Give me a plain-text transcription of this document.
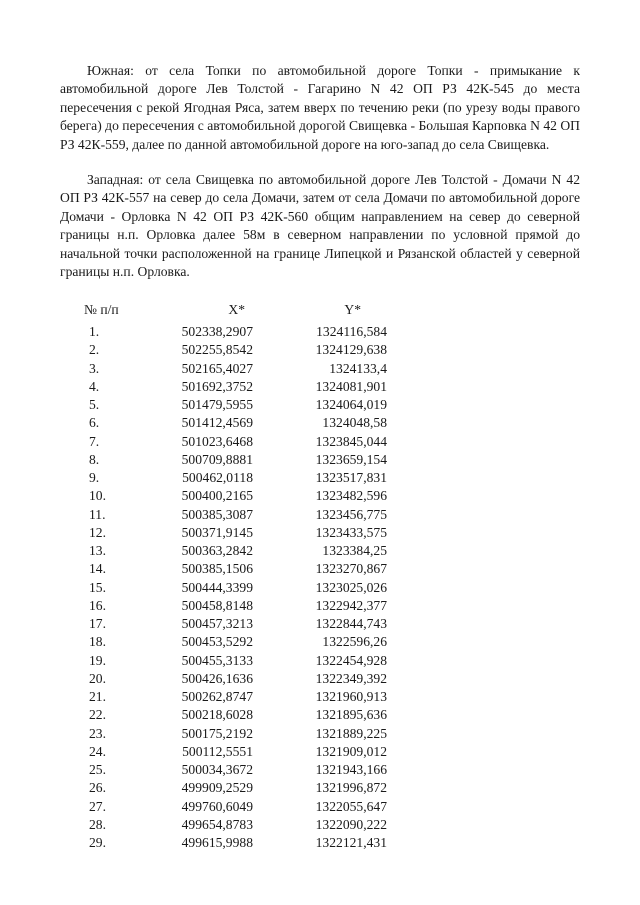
Южная: от села Топки по автомобильной дороге Топки - примыкание к автомобильной дороге Лев Толстой - Гагарино N 42 ОП РЗ 42К-545 до места пересечения с рекой Ягодная Ряса, затем вверх по течению реки (по урезу воды правого берега) до пересечения с автомобильной дорогой Свищевка - Большая Карповка N 42 ОП РЗ 42К-559, далее по данной автомобильной дороге на юго-запад до села Свищевка.

Западная: от села Свищевка по автомобильной дороге Лев Толстой - Домачи N 42 ОП РЗ 42К-557 на север до села Домачи, затем от села Домачи по автомобильной дороге Домачи - Орловка N 42 ОП РЗ 42К-560 общим направлением на север до северной границы н.п. Орловка далее 58м в северном направлении по условной прямой до начальной точки расположенной на границе Липецкой и Рязанской областей у северной границы н.п. Орловка.

№ п/п	X*	Y*
1.	502338,2907	1324116,584
2.	502255,8542	1324129,638
3.	502165,4027	1324133,4
4.	501692,3752	1324081,901
5.	501479,5955	1324064,019
6.	501412,4569	1324048,58
7.	501023,6468	1323845,044
8.	500709,8881	1323659,154
9.	500462,0118	1323517,831
10.	500400,2165	1323482,596
11.	500385,3087	1323456,775
12.	500371,9145	1323433,575
13.	500363,2842	1323384,25
14.	500385,1506	1323270,867
15.	500444,3399	1323025,026
16.	500458,8148	1322942,377
17.	500457,3213	1322844,743
18.	500453,5292	1322596,26
19.	500455,3133	1322454,928
20.	500426,1636	1322349,392
21.	500262,8747	1321960,913
22.	500218,6028	1321895,636
23.	500175,2192	1321889,225
24.	500112,5551	1321909,012
25.	500034,3672	1321943,166
26.	499909,2529	1321996,872
27.	499760,6049	1322055,647
28.	499654,8783	1322090,222
29.	499615,9988	1322121,431
